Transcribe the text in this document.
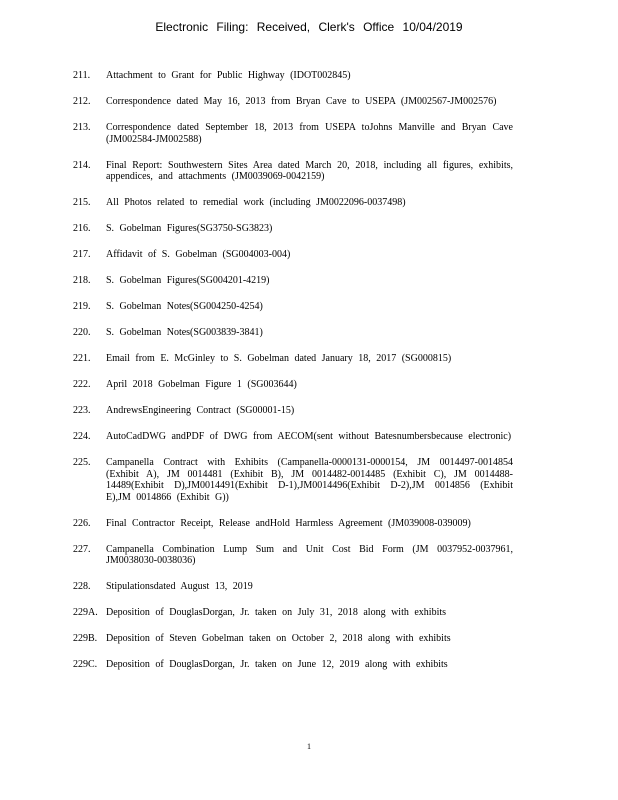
Electronic Filing: Received, Clerk's Office 10/04/2019
211.	Attachment to Grant for Public Highway (IDOT002845)
212.	Correspondence dated May 16, 2013 from Bryan Cave to USEPA (JM002567-JM002576)
213.	Correspondence dated September 18, 2013 from USEPA toJohns Manville and Bryan Cave (JM002584-JM002588)
214.	Final Report: Southwestern Sites Area dated March 20, 2018, including all figures, exhibits, appendices, and attachments (JM0039069-0042159)
215.	All Photos related to remedial work (including JM0022096-0037498)
216.	S. Gobelman Figures(SG3750-SG3823)
217.	Affidavit of S. Gobelman (SG004003-004)
218.	S. Gobelman Figures(SG004201-4219)
219.	S. Gobelman Notes(SG004250-4254)
220.	S. Gobelman Notes(SG003839-3841)
221.	Email from E. McGinley to S. Gobelman dated January 18, 2017 (SG000815)
222.	April 2018 Gobelman Figure 1 (SG003644)
223.	AndrewsEngineering Contract (SG00001-15)
224.	AutoCadDWG andPDF of DWG from AECOM(sent without Batesnumbersbecause electronic)
225.	Campanella Contract with Exhibits (Campanella-0000131-0000154, JM 0014497-0014854 (Exhibit A), JM 0014481 (Exhibit B), JM 0014482-0014485 (Exhibit C), JM 0014488-14489(Exhibit D),JM0014491(Exhibit D-1),JM0014496(Exhibit D-2),JM 0014856 (Exhibit E),JM 0014866 (Exhibit G))
226.	Final Contractor Receipt, Release andHold Harmless Agreement (JM039008-039009)
227.	Campanella Combination Lump Sum and Unit Cost Bid Form (JM 0037952-0037961, JM0038030-0038036)
228.	Stipulationsdated August 13, 2019
229A. Deposition of DouglasDorgan, Jr. taken on July 31, 2018 along with exhibits
229B. Deposition of Steven Gobelman taken on October 2, 2018 along with exhibits
229C. Deposition of DouglasDorgan, Jr. taken on June 12, 2019 along with exhibits
1
